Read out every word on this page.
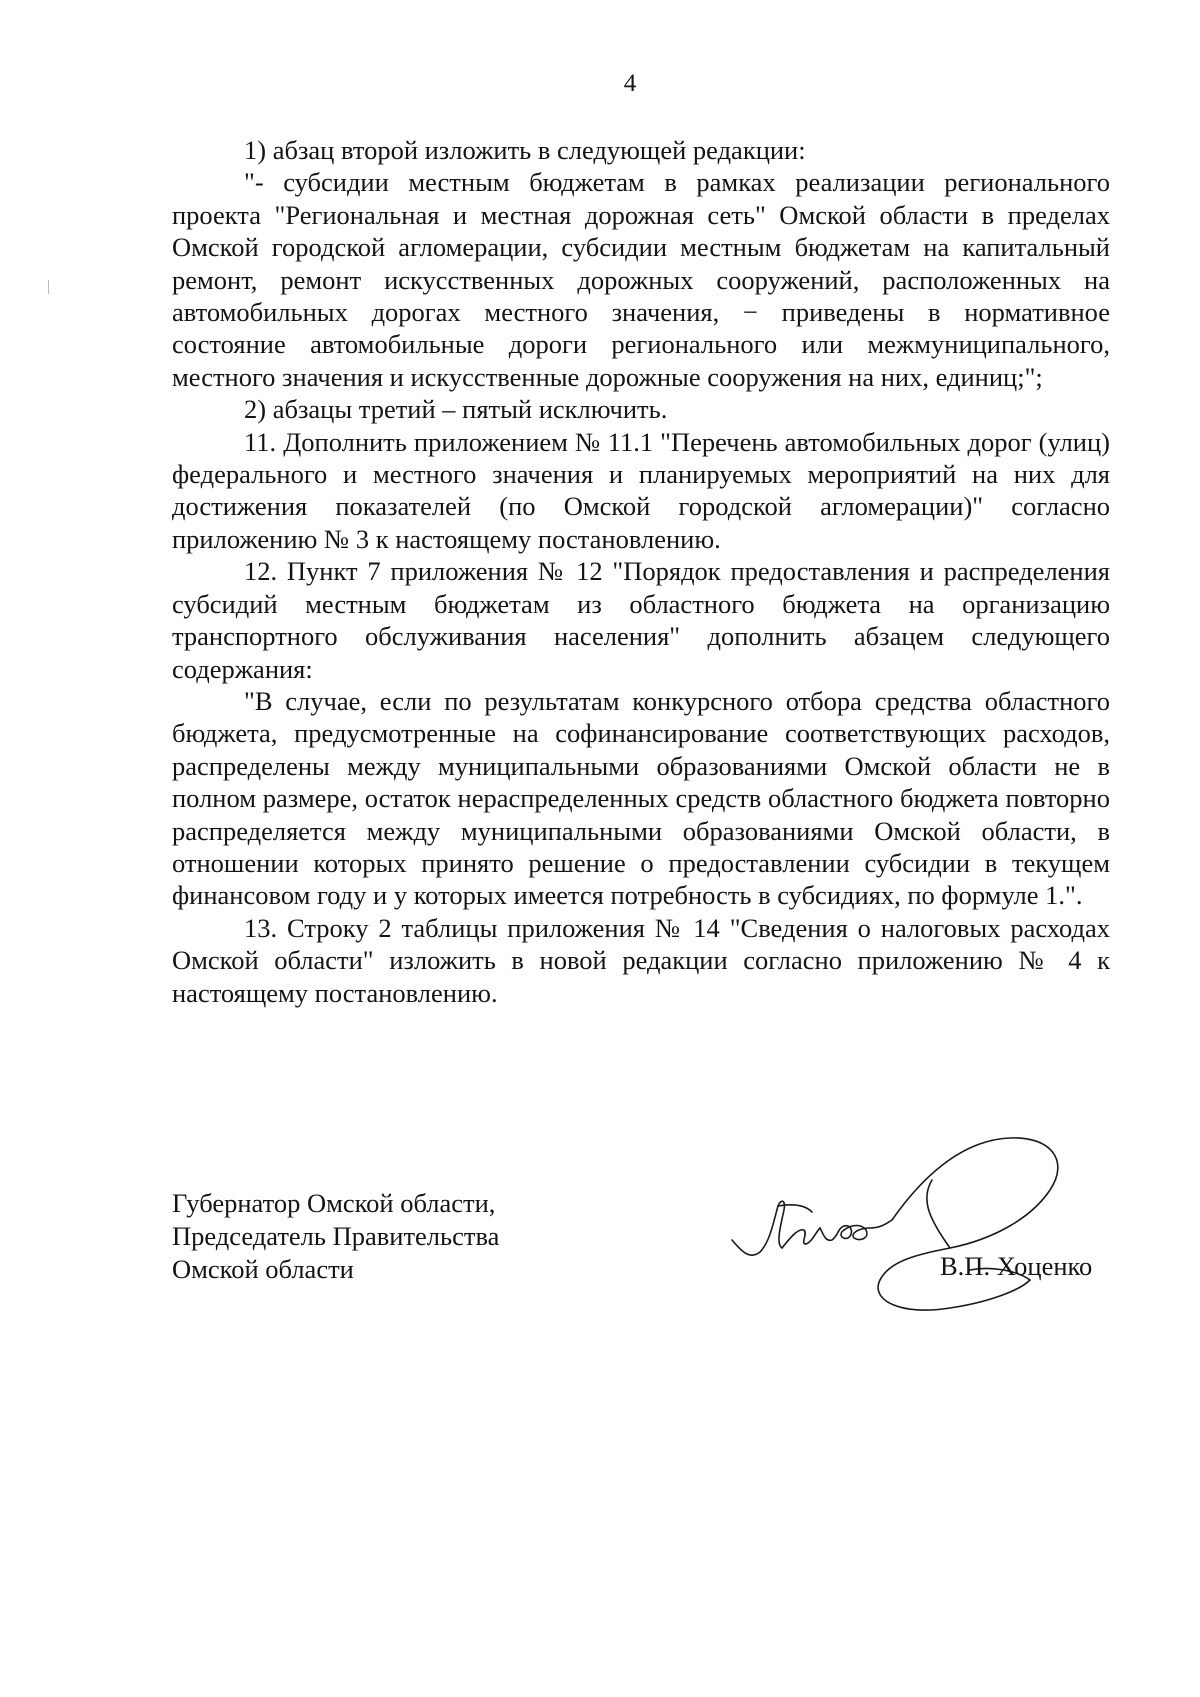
4

1) абзац второй изложить в следующей редакции:

"- субсидии местным бюджетам в рамках реализации регионального проекта "Региональная и местная дорожная сеть" Омской области в пределах Омской городской агломерации, субсидии местным бюджетам на капитальный ремонт, ремонт искусственных дорожных сооружений, расположенных на автомобильных дорогах местного значения, − приведены в нормативное состояние автомобильные дороги регионального или межмуниципального, местного значения и искусственные дорожные сооружения на них, единиц;";

2) абзацы третий – пятый исключить.

11. Дополнить приложением № 11.1 "Перечень автомобильных дорог (улиц) федерального и местного значения и планируемых мероприятий на них для достижения показателей (по Омской городской агломерации)" согласно приложению № 3 к настоящему постановлению.

12. Пункт 7 приложения № 12 "Порядок предоставления и распределения субсидий местным бюджетам из областного бюджета на организацию транспортного обслуживания населения" дополнить абзацем следующего содержания:

"В случае, если по результатам конкурсного отбора средства областного бюджета, предусмотренные на софинансирование соответствующих расходов, распределены между муниципальными образованиями Омской области не в полном размере, остаток нераспределенных средств областного бюджета повторно распределяется между муниципальными образованиями Омской области, в отношении которых принято решение о предоставлении субсидии в текущем финансовом году и у которых имеется потребность в субсидиях, по формуле 1.".

13. Строку 2 таблицы приложения № 14 "Сведения о налоговых расходах Омской области" изложить в новой редакции согласно приложению № 4 к настоящему постановлению.

Губернатор Омской области,
Председатель Правительства
Омской области	В.П. Хоценко
